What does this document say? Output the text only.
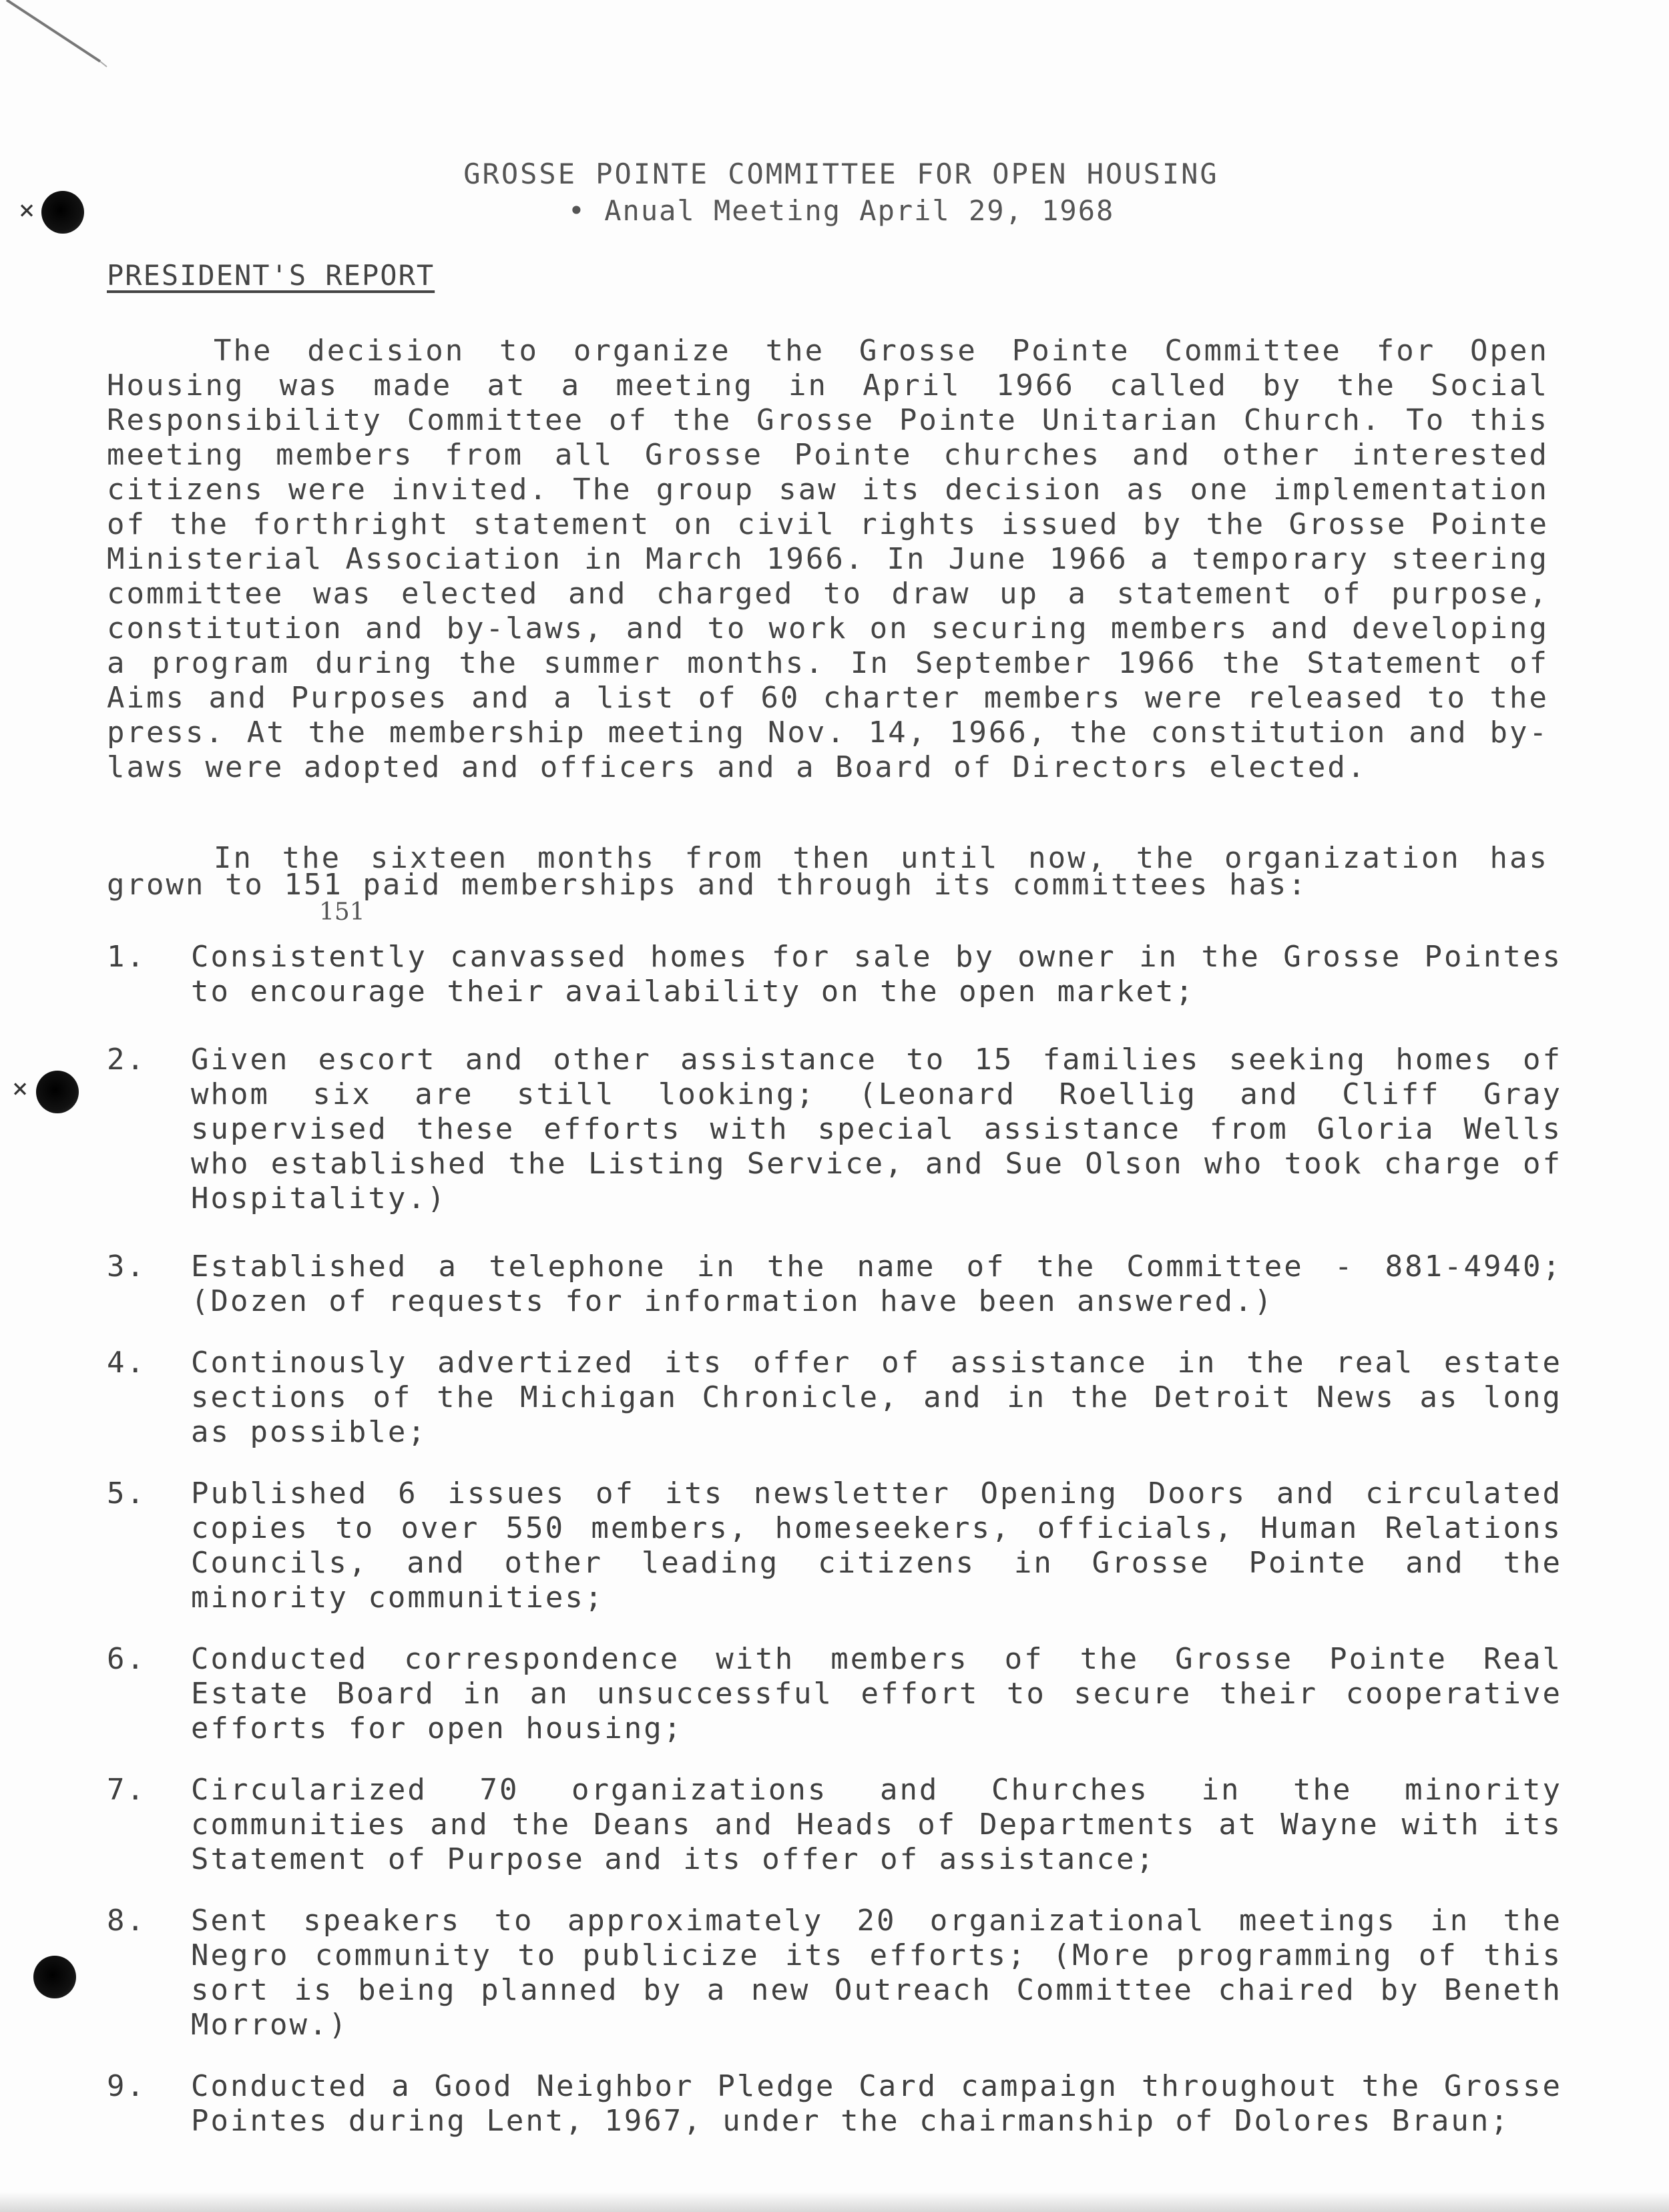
×
×
GROSSE POINTE COMMITTEE FOR OPEN HOUSING
• Anual Meeting April 29, 1968
PRESIDENT'S REPORT
The decision to organize the Grosse Pointe Committee for Open Housing was made at a meeting in April 1966 called by the Social Responsibility Committee of the Grosse Pointe Unitarian Church. To this meeting members from all Grosse Pointe churches and other interested citizens were invited. The group saw its decision as one implementation of the forthright statement on civil rights issued by the Grosse Pointe Ministerial Association in March 1966. In June 1966 a temporary steering committee was elected and charged to draw up a statement of purpose, constitution and by-laws, and to work on securing members and developing a program during the summer months. In September 1966 the Statement of Aims and Purposes and a list of 60 charter members were released to the press. At the membership meeting Nov. 14, 1966, the constitution and by-laws were adopted and officers and a Board of Directors elected.
In the sixteen months from then until now, the organization has grown to 151 paid memberships and through its committees has:
151
1.	Consistently canvassed homes for sale by owner in the Grosse Pointes to encourage their availability on the open market;
2.	Given escort and other assistance to 15 families seeking homes of whom six are still looking; (Leonard Roellig and Cliff Gray supervised these efforts with special assistance from Gloria Wells who established the Listing Service, and Sue Olson who took charge of Hospitality.)
3.	Established a telephone in the name of the Committee - 881-4940; (Dozen of requests for information have been answered.)
4.	Continously advertized its offer of assistance in the real estate sections of the Michigan Chronicle, and in the Detroit News as long as possible;
5.	Published 6 issues of its newsletter Opening Doors and circulated copies to over 550 members, homeseekers, officials, Human Relations Councils, and other leading citizens in Grosse Pointe and the minority communities;
6.	Conducted correspondence with members of the Grosse Pointe Real Estate Board in an unsuccessful effort to secure their cooperative efforts for open housing;
7.	Circularized 70 organizations and Churches in the minority communities and the Deans and Heads of Departments at Wayne with its Statement of Purpose and its offer of assistance;
8.	Sent speakers to approximately 20 organizational meetings in the Negro community to publicize its efforts; (More programming of this sort is being planned by a new Outreach Committee chaired by Beneth Morrow.)
9.	Conducted a Good Neighbor Pledge Card campaign throughout the Grosse Pointes during Lent, 1967, under the chairmanship of Dolores Braun;
